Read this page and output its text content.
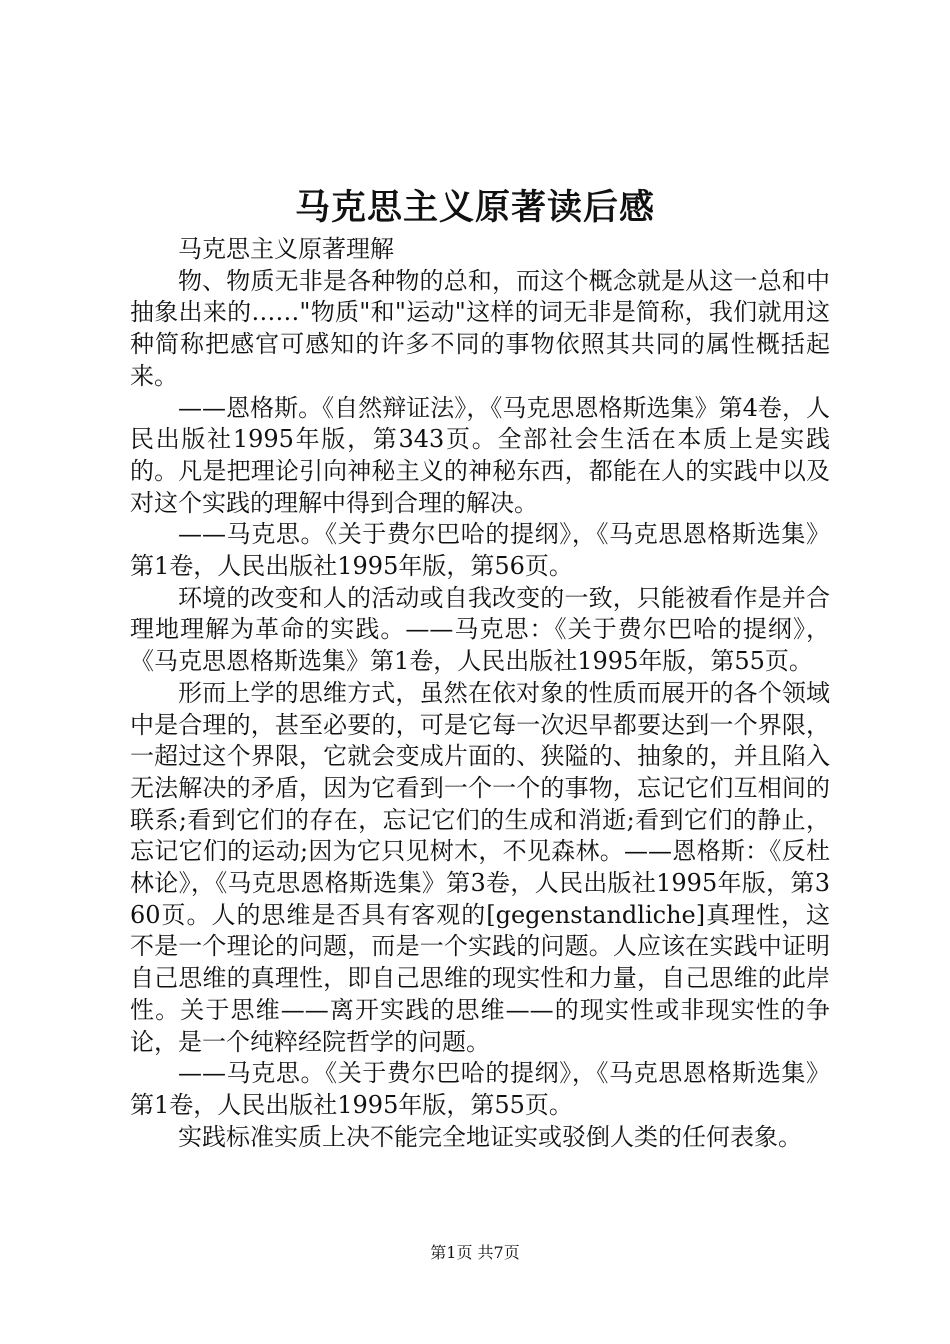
马克思主义原著读后感

马克思主义原著理解

物、物质无非是各种物的总和，而这个概念就是从这一总和中抽象出来的……"物质"和"运动"这样的词无非是简称，我们就用这种简称把感官可感知的许多不同的事物依照其共同的属性概括起来。

——恩格斯。《自然辩证法》，《马克思恩格斯选集》第4卷，人民出版社1995年版，第343页。全部社会生活在本质上是实践的。凡是把理论引向神秘主义的神秘东西，都能在人的实践中以及对这个实践的理解中得到合理的解决。

——马克思。《关于费尔巴哈的提纲》，《马克思恩格斯选集》第1卷，人民出版社1995年版，第56页。

环境的改变和人的活动或自我改变的一致，只能被看作是并合理地理解为革命的实践。——马克思：《关于费尔巴哈的提纲》，《马克思恩格斯选集》第1卷，人民出版社1995年版，第55页。

形而上学的思维方式，虽然在依对象的性质而展开的各个领域中是合理的，甚至必要的，可是它每一次迟早都要达到一个界限，一超过这个界限，它就会变成片面的、狭隘的、抽象的，并且陷入无法解决的矛盾，因为它看到一个一个的事物，忘记它们互相间的联系;看到它们的存在，忘记它们的生成和消逝;看到它们的静止，忘记它们的运动;因为它只见树木，不见森林。——恩格斯：《反杜林论》，《马克思恩格斯选集》第3卷，人民出版社1995年版，第360页。人的思维是否具有客观的[gegenstandliche]真理性，这不是一个理论的问题，而是一个实践的问题。人应该在实践中证明自己思维的真理性，即自己思维的现实性和力量，自己思维的此岸性。关于思维——离开实践的思维——的现实性或非现实性的争论，是一个纯粹经院哲学的问题。

——马克思。《关于费尔巴哈的提纲》，《马克思恩格斯选集》第1卷，人民出版社1995年版，第55页。

实践标准实质上决不能完全地证实或驳倒人类的任何表象。

第1页 共7页
